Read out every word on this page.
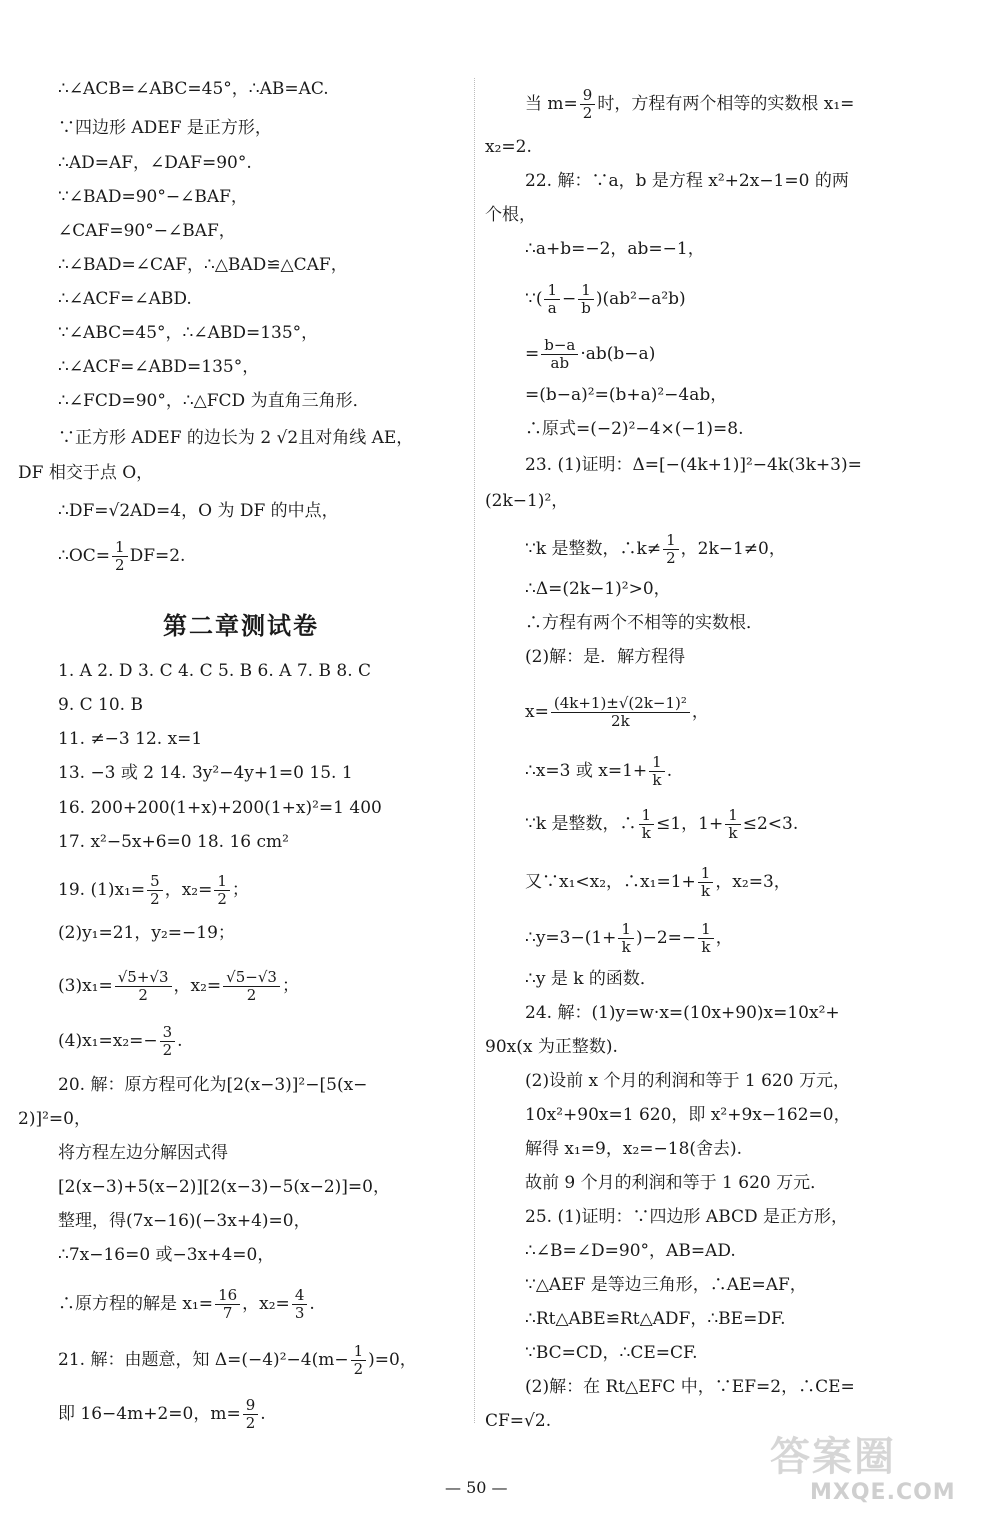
∴∠ACB=∠ABC=45°，∴AB=AC.
∵四边形 ADEF 是正方形，
∴AD=AF，∠DAF=90°.
∵∠BAD=90°−∠BAF，
∠CAF=90°−∠BAF，
∴∠BAD=∠CAF，∴△BAD≌△CAF，
∴∠ACF=∠ABD.
∵∠ABC=45°，∴∠ABD=135°，
∴∠ACF=∠ABD=135°，
∴∠FCD=90°，∴△FCD 为直角三角形．
∵正方形 ADEF 的边长为 2 √2且对角线 AE，
DF 相交于点 O，
∴DF=√2AD=4，O 为 DF 的中点，
∴OC= $\frac{1}{2} DF=2$.
第二章测试卷
1. A 2. D 3. C 4. C 5. B 6. A 7. B 8. C
9. C 10. B
11. ≠−3 12. x=1
13. −3 或 2 14. 3y²−4y+1=0 15. 1
16. 200+200(1+x)+200(1+x)²=1 400
17. x²−5x+6=0 18. 16 cm²
19. $(1)x_1= \frac{5}{2}$ ，$x_2= \frac{1}{2}$ ；
(2)y₁=21，y₂=−19；
$(3)x_1= \frac{√5+√3}{2}$ ，$x_2= \frac{√5-√3}{2}$ ；
$(4)x_1=x_2=- \frac{3}{2}$ .
20. 解：原方程可化为[2(x−3)]²−[5(x−
2)]²=0，
将方程左边分解因式得
[2(x−3)+5(x−2)][2(x−3)−5(x−2)]=0，
整理，得(7x−16)(−3x+4)=0，
∴7x−16=0 或−3x+4=0，
∴原方程的解是 $x_1= \frac{16}{7}$ ，$x_2= \frac{4}{3}$ .
21. 解：由题意，知 $\Delta=(-4)^2-4(m- \frac{1}{2} )=0$，
即 16−4m+2=0，$m= \frac{9}{2}$ .
当 $m= \frac{9}{2}$ 时，方程有两个相等的实数根 x₁=
x₂=2.
22. 解：∵a，b 是方程 x²+2x−1=0 的两
个根，
∴a+b=−2，ab=−1，
∵( $\frac{1}{a} - \frac{1}{b} )(ab^2-a^2b)$
= $\frac{b-a}{ab} \cdot ab(b-a)$
=(b−a)²=(b+a)²−4ab，
∴原式=(−2)²−4×(−1)=8.
23. (1)证明：Δ=[−(4k+1)]²−4k(3k+3)=
(2k−1)²，
∵k 是整数，∴k≠ $\frac{1}{2}$ ，2k−1≠0，
∴Δ=(2k−1)²>0，
∴方程有两个不相等的实数根．
(2)解：是．解方程得
$x= \frac{\text{(4k+1)±√(2k−1)²}}{2k}$ ，
∴x=3 或 $x=1+ \frac{1}{k}$ .
∵k 是整数，∴ $\frac{1}{k} \le 1$，$1+ \frac{1}{k} \le 2<3$.
又∵x₁<x₂，∴x₁=1+ $\frac{1}{k}$ ，x₂=3，
∴y=3−(1+ $\frac{1}{k} )-2=- \frac{1}{k}$ ，
∴y 是 k 的函数．
24. 解：(1)y=w·x=(10x+90)x=10x²+
90x(x 为正整数).
(2)设前 x 个月的利润和等于 1 620 万元，
10x²+90x=1 620，即 x²+9x−162=0，
解得 x₁=9，x₂=−18(舍去).
故前 9 个月的利润和等于 1 620 万元．
25. (1)证明：∵四边形 ABCD 是正方形，
∴∠B=∠D=90°，AB=AD.
∵△AEF 是等边三角形，∴AE=AF，
∴Rt△ABE≌Rt△ADF，∴BE=DF.
∵BC=CD，∴CE=CF.
(2)解：在 Rt△EFC 中，∵EF=2，∴CE=
CF=√2.
— 50 —
答案圈
MXQE.COM
